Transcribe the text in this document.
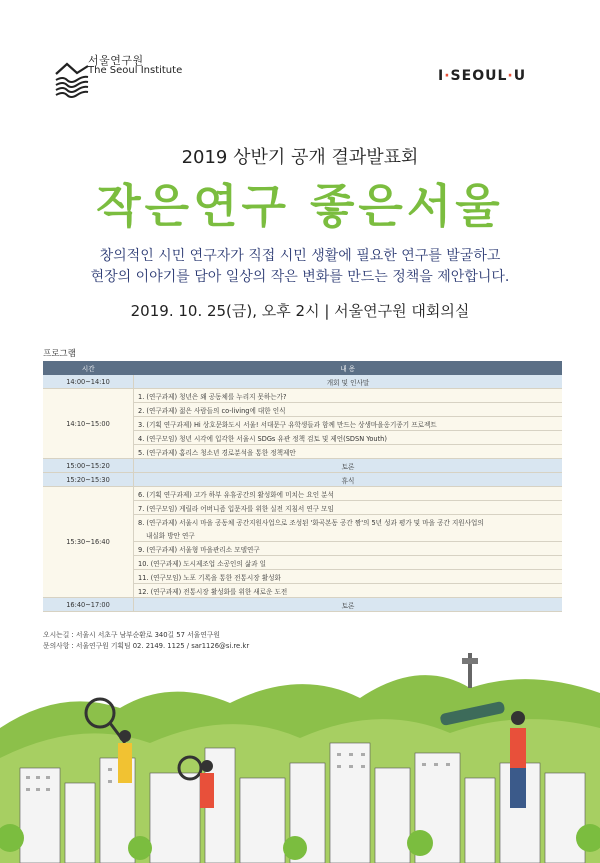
서울연구원
The Seoul Institute	I·SEOUL·U
2019 상반기 공개 결과발표회
작은연구 좋은서울
창의적인 시민 연구자가 직접 시민 생활에 필요한 연구를 발굴하고
현장의 이야기를 담아 일상의 작은 변화를 만드는 정책을 제안합니다.
2019. 10. 25(금), 오후 2시 | 서울연구원 대회의실
프로그램
시간	내 용
14:00~14:10	개회 및 인사말
14:10~15:00	1. (연구과제) 청년은 왜 공동체를 누리지 못하는가?
	2. (연구과제) 젊은 사람들의 co-living에 대한 인식
	3. (기획 연구과제) Hi 상호문화도시 서울! 서대문구 유학생들과 함께 만드는 상생마을옹기종기 프로젝트
	4. (연구모임) 청년 시각에 입각한 서울시 SDGs 유관 정책 검토 및 제언(SDSN Youth)
	5. (연구과제) 홈리스 청소년 경로분석을 통한 정책제안
15:00~15:20	토론
15:20~15:30	휴식
15:30~16:40	6. (기획 연구과제) 고가 하부 유휴공간의 활성화에 미치는 요인 분석
	7. (연구모임) 게릴라 어버니즘 입문자를 위한 실전 지침서 연구 모임
	8. (연구과제) 서울시 마을 공동체 공간지원사업으로 조성된 '화곡본동 공간 짬'의 5년 성과 평가 및 마을 공간 지원사업의
	내실화 방안 연구
	9. (연구과제) 서울형 마을관리소 모델연구
	10. (연구과제) 도시제조업 소공인의 삶과 일
	11. (연구모임) 노포 기록을 통한 전통시장 활성화
	12. (연구과제) 전통시장 활성화를 위한 새로운 도전
16:40~17:00	토론
오시는길 : 서울시 서초구 남부순환로 340길 57 서울연구원
문의사항 : 서울연구원 기획팀 02. 2149. 1125 / sar1126@si.re.kr
